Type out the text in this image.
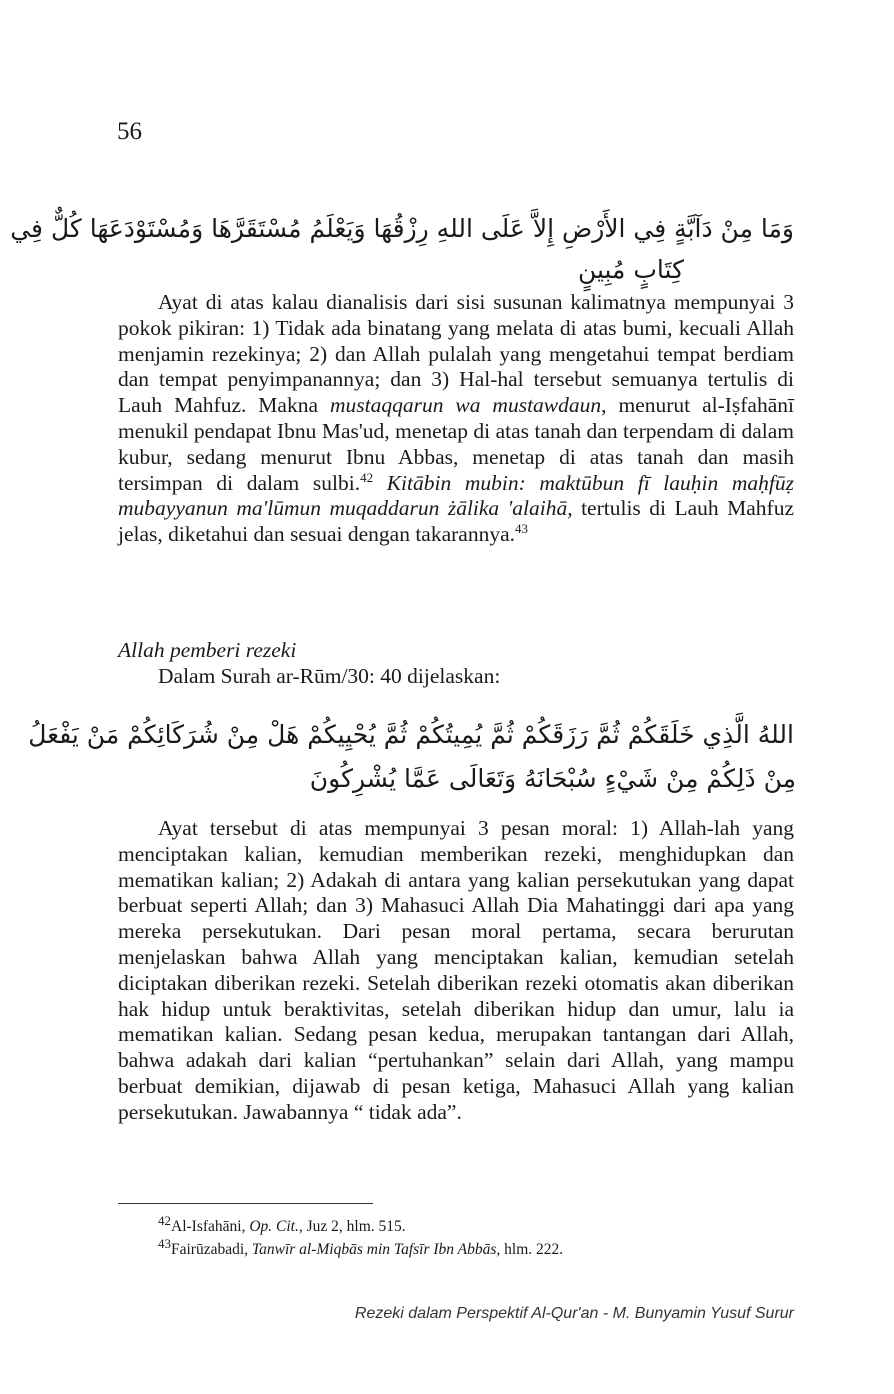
56
وَمَا مِنْ دَآبَّةٍ فِي الأَرْضِ إِلاَّ عَلَى اللهِ رِزْقُهَا وَيَعْلَمُ مُسْتَقَرَّهَا وَمُسْتَوْدَعَهَا كُلٌّ فِي
كِتَابٍ مُبِينٍ

Ayat di atas kalau dianalisis dari sisi susunan kalimatnya mempunyai 3 pokok pikiran: 1) Tidak ada binatang yang melata di atas bumi, kecuali Allah menjamin rezekinya; 2) dan Allah pulalah yang mengetahui tempat berdiam dan tempat penyimpanannya; dan 3) Hal-hal tersebut semuanya tertulis di Lauh Mahfuz. Makna mustaqqarun wa mustawdaun, menurut al-Iṣfahānī menukil pendapat Ibnu Mas'ud, menetap di atas tanah dan terpendam di dalam kubur, sedang menurut Ibnu Abbas, menetap di atas tanah dan masih tersimpan di dalam sulbi.$^{42}$ Kitābin mubin: maktūbun fī lauḥin maḥfūẓ mubayyanun ma'lūmun muqaddarun żālika 'alaihā, tertulis di Lauh Mahfuz jelas, diketahui dan sesuai dengan takarannya.$^{43}$

Allah pemberi rezeki
Dalam Surah ar-Rūm/30: 40 dijelaskan:
اللهُ الَّذِي خَلَقَكُمْ ثُمَّ رَزَقَكُمْ ثُمَّ يُمِيتُكُمْ ثُمَّ يُحْيِيكُمْ هَلْ مِنْ شُرَكَائِكُمْ مَنْ يَفْعَلُ
مِنْ ذَلِكُمْ مِنْ شَيْءٍ سُبْحَانَهُ وَتَعَالَى عَمَّا يُشْرِكُونَ

Ayat tersebut di atas mempunyai 3 pesan moral: 1) Allah-lah yang menciptakan kalian, kemudian memberikan rezeki, menghidupkan dan mematikan kalian; 2) Adakah di antara yang kalian persekutukan yang dapat berbuat seperti Allah; dan 3) Mahasuci Allah Dia Mahatinggi dari apa yang mereka persekutukan. Dari pesan moral pertama, secara berurutan menjelaskan bahwa Allah yang menciptakan kalian, kemudian setelah diciptakan diberikan rezeki. Setelah diberikan rezeki otomatis akan diberikan hak hidup untuk beraktivitas, setelah diberikan hidup dan umur, lalu ia mematikan kalian. Sedang pesan kedua, merupakan tantangan dari Allah, bahwa adakah dari kalian “pertuhankan” selain dari Allah, yang mampu berbuat demikian, dijawab di pesan ketiga, Mahasuci Allah yang kalian persekutukan. Jawabannya “ tidak ada”.

$^{42}$Al-Isfahāni, Op. Cit., Juz 2, hlm. 515.
$^{43}$Fairūzabadi, Tanwīr al-Miqbās min Tafsīr Ibn Abbās, hlm. 222.
Rezeki dalam Perspektif Al-Qur'an - M. Bunyamin Yusuf Surur
